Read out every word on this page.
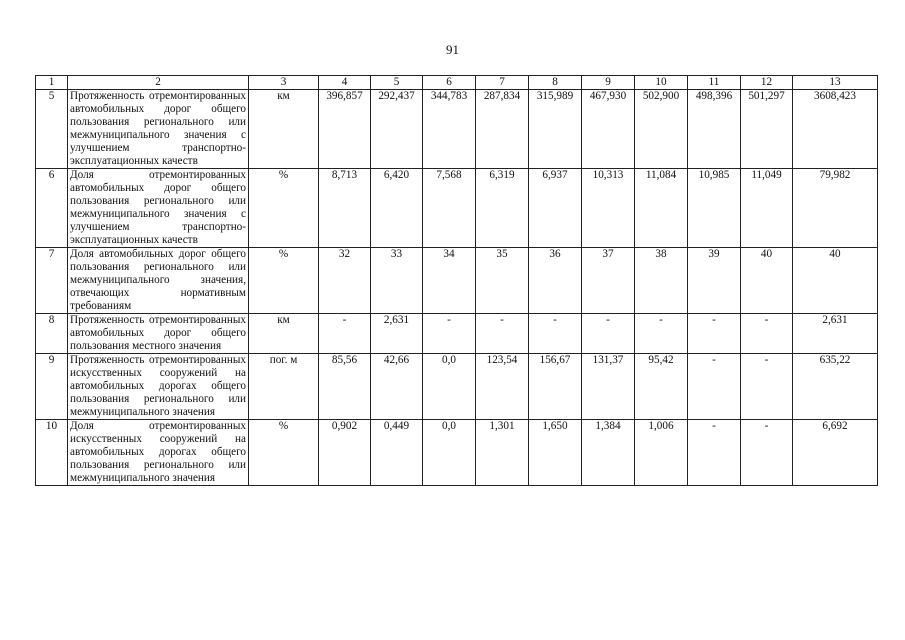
91
1	2	3	4	5	6	7	8	9	10	11	12	13
5	Протяженность отремонтированных автомобильных дорог общего пользования регионального или межмуниципального значения с улучшением транспортно-эксплуатационных качеств	км	396,857	292,437	344,783	287,834	315,989	467,930	502,900	498,396	501,297	3608,423
6	Доля отремонтированных автомобильных дорог общего пользования регионального или межмуниципального значения с улучшением транспортно-эксплуатационных качеств	%	8,713	6,420	7,568	6,319	6,937	10,313	11,084	10,985	11,049	79,982
7	Доля автомобильных дорог общего пользования регионального или межмуниципального значения, отвечающих нормативным требованиям	%	32	33	34	35	36	37	38	39	40	40
8	Протяженность отремонтированных автомобильных дорог общего пользования местного значения	км	-	2,631	-	-	-	-	-	-	-	2,631
9	Протяженность отремонтированных искусственных сооружений на автомобильных дорогах общего пользования регионального или межмуниципального значения	пог. м	85,56	42,66	0,0	123,54	156,67	131,37	95,42	-	-	635,22
10	Доля отремонтированных искусственных сооружений на автомобильных дорогах общего пользования регионального или межмуниципального значения	%	0,902	0,449	0,0	1,301	1,650	1,384	1,006	-	-	6,692
